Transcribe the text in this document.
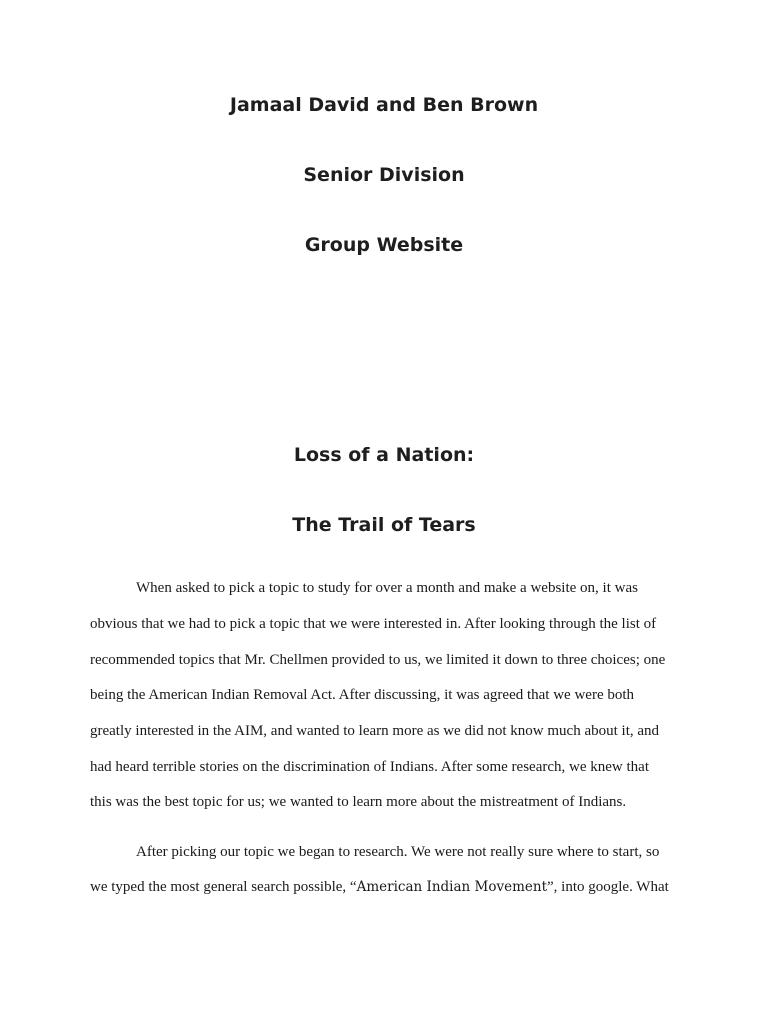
Jamaal David and Ben Brown
Senior Division
Group Website
Loss of a Nation:
The Trail of Tears
When asked to pick a topic to study for over a month and make a website on, it was
obvious that we had to pick a topic that we were interested in. After looking through the list of
recommended topics that Mr. Chellmen provided to us, we limited it down to three choices; one
being the American Indian Removal Act. After discussing, it was agreed that we were both
greatly interested in the AIM, and wanted to learn more as we did not know much about it, and
had heard terrible stories on the discrimination of Indians. After some research, we knew that
this was the best topic for us; we wanted to learn more about the mistreatment of Indians.
After picking our topic we began to research. We were not really sure where to start, so
we typed the most general search possible, “American Indian Movement”, into google. What
